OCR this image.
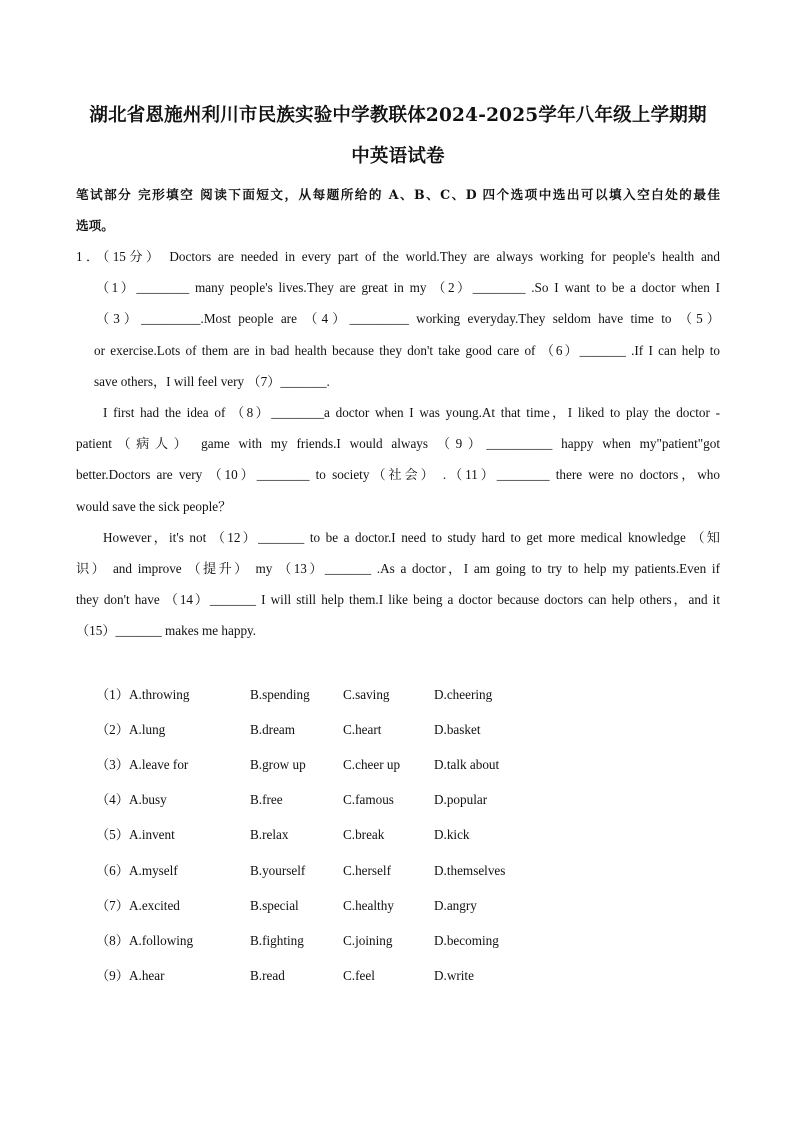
湖北省恩施州利川市民族实验中学教联体2024-2025学年八年级上学期期
中英语试卷
笔试部分 完形填空 阅读下面短文，从每题所给的 A、B、C、D 四个选项中选出可以填入空白处的最佳
选项。
1．（15分） Doctors are needed in every part of the world.They are always working for people's health and
（1）________ many people's lives.They are great in my （2）________ .So I want to be a doctor when I
（3）_________.Most people are （4）_________ working everyday.They seldom have time to （5）
or exercise.Lots of them are in bad health because they don't take good care of （6）_______ .If I can help to
save others，I will feel very （7）_______.
I first had the idea of （8）________a doctor when I was young.At that time，I liked to play the doctor -
patient（病人） game with my friends.I would always （9）__________ happy when my"patient"got
better.Doctors are very （10）________ to society（社会） .（11）________ there were no doctors，who
would save the sick people？
However，it's not （12）_______ to be a doctor.I need to study hard to get more medical knowledge （知
识） and improve （提升） my （13）_______ .As a doctor，I am going to try to help my patients.Even if
they don't have （14）_______ I will still help them.I like being a doctor because doctors can help others，and it
（15）_______ makes me happy.
（1） A.throwing	B.spending	C.saving	D.cheering
（2） A.lung	B.dream	C.heart	D.basket
（3） A.leave for	B.grow up	C.cheer up	D.talk about
（4） A.busy	B.free	C.famous	D.popular
（5） A.invent	B.relax	C.break	D.kick
（6） A.myself	B.yourself	C.herself	D.themselves
（7） A.excited	B.special	C.healthy	D.angry
（8） A.following	B.fighting	C.joining	D.becoming
（9） A.hear	B.read	C.feel	D.write
